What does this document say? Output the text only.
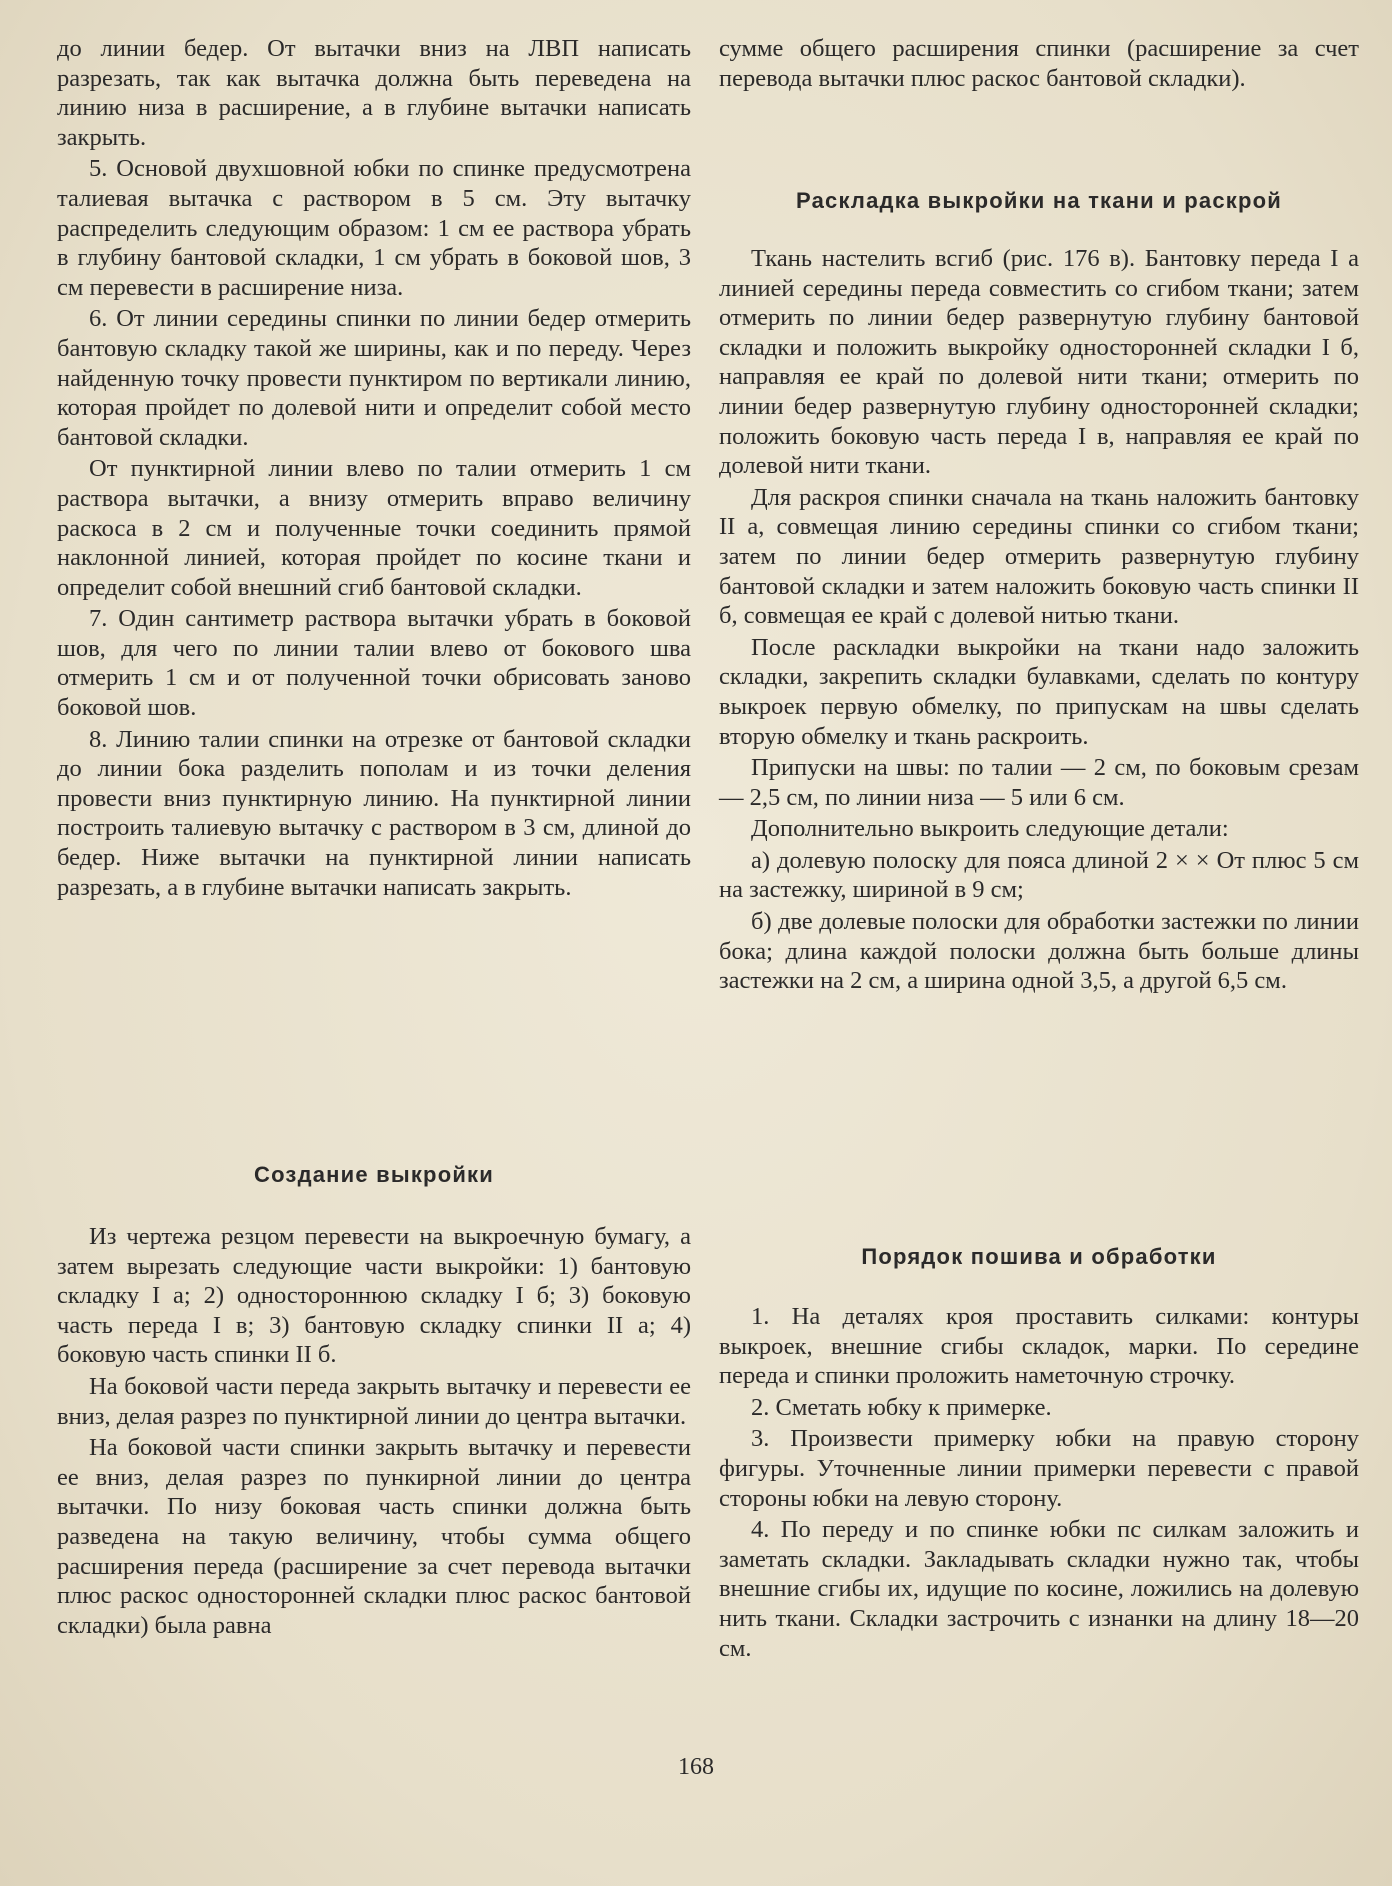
до линии бедер. От вытачки вниз на ЛВП написать разрезать, так как вытачка должна быть переведена на линию низа в расширение, а в глубине вытачки написать закрыть.

5. Основой двухшовной юбки по спинке предусмотрена талиевая вытачка с раствором в 5 см. Эту вытачку распределить следующим образом: 1 см ее раствора убрать в глубину бантовой складки, 1 см убрать в боковой шов, 3 см перевести в расширение низа.

6. От линии середины спинки по линии бедер отмерить бантовую складку такой же ширины, как и по переду. Через найденную точку провести пунктиром по вертикали линию, которая пройдет по долевой нити и определит собой место бантовой складки.

От пунктирной линии влево по талии отмерить 1 см раствора вытачки, а внизу отмерить вправо величину раскоса в 2 см и полученные точки соединить прямой наклонной линией, которая пройдет по косине ткани и определит собой внешний сгиб бантовой складки.

7. Один сантиметр раствора вытачки убрать в боковой шов, для чего по линии талии влево от бокового шва отмерить 1 см и от полученной точки обрисовать заново боковой шов.

8. Линию талии спинки на отрезке от бантовой складки до линии бока разделить пополам и из точки деления провести вниз пунктирную линию. На пунктирной линии построить талиевую вытачку с раствором в 3 см, длиной до бедер. Ниже вытачки на пунктирной линии написать разрезать, а в глубине вытачки написать закрыть.

Создание выкройки

Из чертежа резцом перевести на выкроечную бумагу, а затем вырезать следующие части выкройки: 1) бантовую складку I а; 2) одностороннюю складку I б; 3) боковую часть переда I в; 3) бантовую складку спинки II а; 4) боковую часть спинки II б.

На боковой части переда закрыть вытачку и перевести ее вниз, делая разрез по пунктирной линии до центра вытачки.

На боковой части спинки закрыть вытачку и перевести ее вниз, делая разрез по пункирной линии до центра вытачки. По низу боковая часть спинки должна быть разведена на такую величину, чтобы сумма общего расширения переда (расширение за счет перевода вытачки плюс раскос односторонней складки плюс раскос бантовой складки) была равна

сумме общего расширения спинки (расширение за счет перевода вытачки плюс раскос бантовой складки).

Раскладка выкройки на ткани и раскрой

Ткань настелить всгиб (рис. 176 в). Бантовку переда I а линией середины переда совместить со сгибом ткани; затем отмерить по линии бедер развернутую глубину бантовой складки и положить выкройку односторонней складки I б, направляя ее край по долевой нити ткани; отмерить по линии бедер развернутую глубину односторонней складки; положить боковую часть переда I в, направляя ее край по долевой нити ткани.

Для раскроя спинки сначала на ткань наложить бантовку II а, совмещая линию середины спинки со сгибом ткани; затем по линии бедер отмерить развернутую глубину бантовой складки и затем наложить боковую часть спинки II б, совмещая ее край с долевой нитью ткани.

После раскладки выкройки на ткани надо заложить складки, закрепить складки булавками, сделать по контуру выкроек первую обмелку, по припускам на швы сделать вторую обмелку и ткань раскроить.

Припуски на швы: по талии — 2 см, по боковым срезам — 2,5 см, по линии низа — 5 или 6 см.

Дополнительно выкроить следующие детали:

а) долевую полоску для пояса длиной 2 × × От плюс 5 см на застежку, шириной в 9 см;

б) две долевые полоски для обработки застежки по линии бока; длина каждой полоски должна быть больше длины застежки на 2 см, а ширина одной 3,5, а другой 6,5 см.

Порядок пошива и обработки

1. На деталях кроя проставить силками: контуры выкроек, внешние сгибы складок, марки. По середине переда и спинки проложить наметочную строчку.

2. Сметать юбку к примерке.

3. Произвести примерку юбки на правую сторону фигуры. Уточненные линии примерки перевести с правой стороны юбки на левую сторону.

4. По переду и по спинке юбки пс силкам заложить и заметать складки. Закладывать складки нужно так, чтобы внешние сгибы их, идущие по косине, ложились на долевую нить ткани. Складки застрочить с изнанки на длину 18—20 см.

168
